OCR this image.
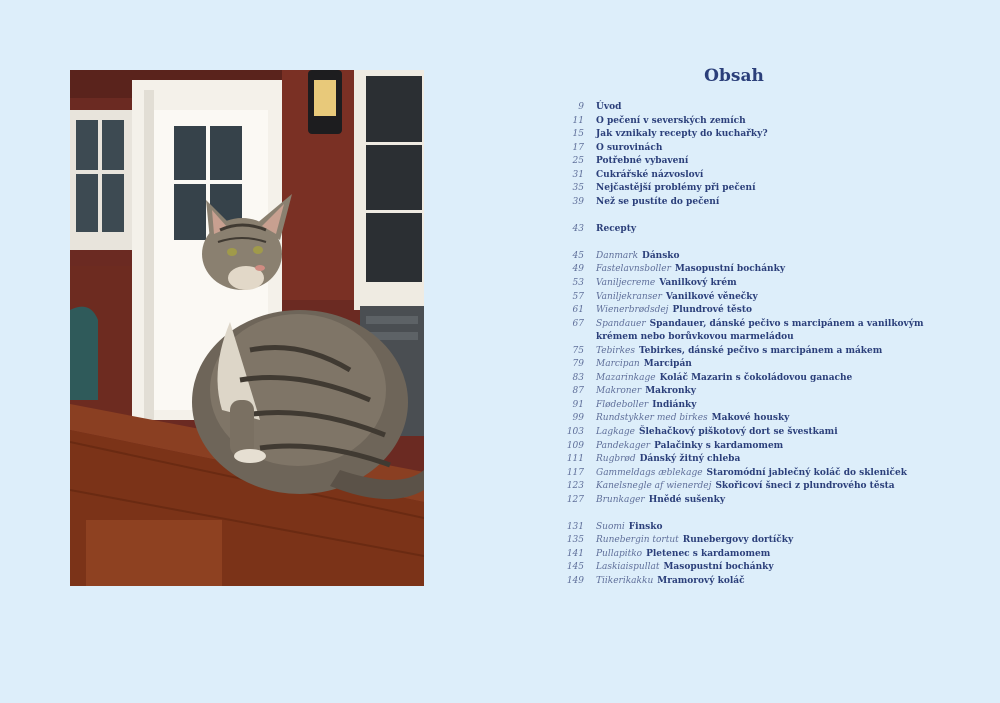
Obsah
9 Úvod
11 O pečení v severských zemích
15 Jak vznikaly recepty do kuchařky?
17 O surovinách
25 Potřebné vybavení
31 Cukrářské názvosloví
35 Nejčastější problémy při pečení
39 Než se pustíte do pečení
43 Recepty
45 Danmark Dánsko
49 Fastelavnsboller Masopustní bochánky
53 Vaniljecreme Vanilkový krém
57 Vaniljekranser Vanilkové věnečky
61 Wienerbrødsdej Plundrové těsto
67 Spandauer Spandauer, dánské pečivo s marcipánem a vanilkovým krémem nebo borůvkovou marmeládou
75 Tebirkes Tebirkes, dánské pečivo s marcipánem a mákem
79 Marcipan Marcipán
83 Mazarinkage Koláč Mazarin s čokoládovou ganache
87 Makroner Makronky
91 Flødeboller Indiánky
99 Rundstykker med birkes Makové housky
103 Lagkage Šlehačkový piškotový dort se švestkami
109 Pandekager Palačinky s kardamomem
111 Rugbrød Dánský žitný chleba
117 Gammeldags æblekage Staromódní jablečný koláč do skleniček
123 Kanelsnegle af wienerdej Skořicoví šneci z plundrového těsta
127 Brunkager Hnědé sušenky
131 Suomi Finsko
135 Runebergin tortut Runebergovy dortíčky
141 Pullapitko Pletenec s kardamomem
145 Laskiaispullat Masopustní bochánky
149 Tiikerikakku Mramorový koláč
